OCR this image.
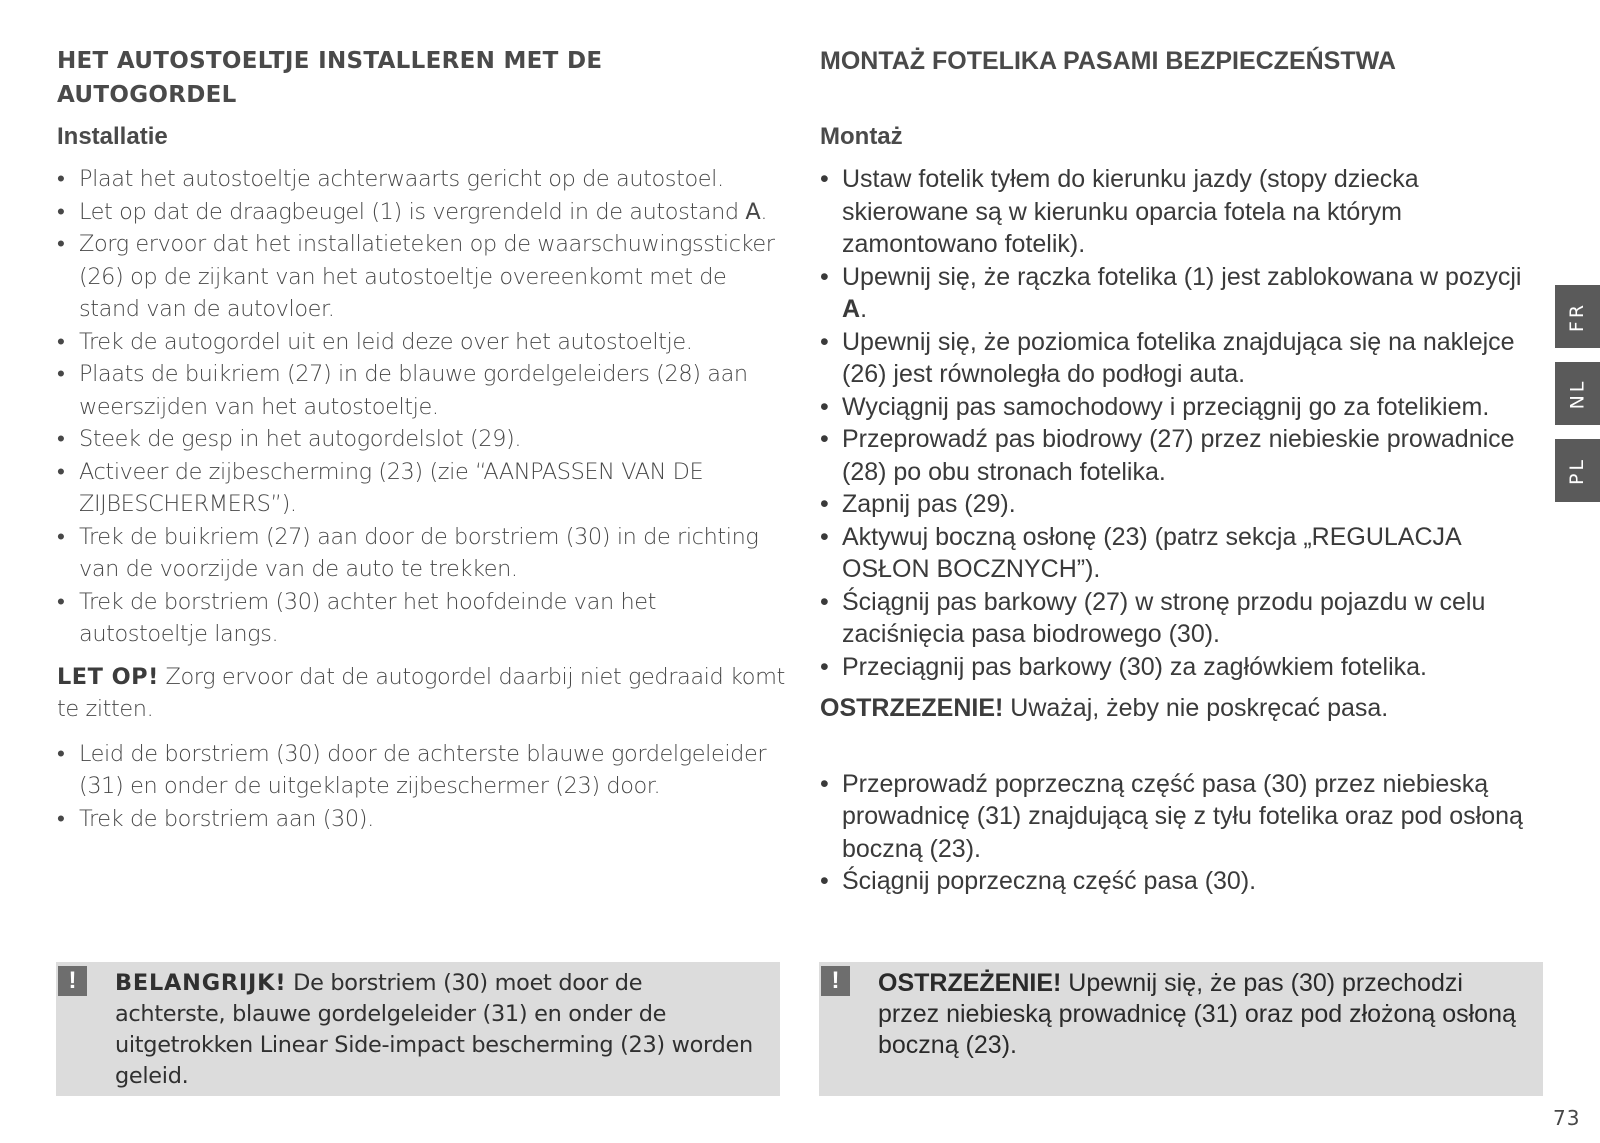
HET AUTOSTOELTJE INSTALLEREN MET DE AUTOGORDEL
Installatie
• Plaat het autostoeltje achterwaarts gericht op de autostoel.
• Let op dat de draagbeugel (1) is vergrendeld in de autostand A.
• Zorg ervoor dat het installatieteken op de waarschuwingssticker (26) op de zijkant van het autostoeltje overeenkomt met de stand van de autovloer.
• Trek de autogordel uit en leid deze over het autostoeltje.
• Plaats de buikriem (27) in de blauwe gordelgeleiders (28) aan weerszijden van het autostoeltje.
• Steek de gesp in het autogordelslot (29).
• Activeer de zijbescherming (23) (zie “AANPASSEN VAN DE ZIJBESCHERMERS”).
• Trek de buikriem (27) aan door de borstriem (30) in de richting van de voorzijde van de auto te trekken.
• Trek de borstriem (30) achter het hoofdeinde van het autostoeltje langs.

LET OP! Zorg ervoor dat de autogordel daarbij niet gedraaid komt te zitten.

• Leid de borstriem (30) door de achterste blauwe gordelgeleider (31) en onder de uitgeklapte zijbeschermer (23) door.
• Trek de borstriem aan (30).
MONTAŻ FOTELIKA PASAMI BEZPIECZEŃSTWA
Montaż
• Ustaw fotelik tyłem do kierunku jazdy (stopy dziecka skierowane są w kierunku oparcia fotela na którym zamontowano fotelik).
• Upewnij się, że rączka fotelika (1) jest zablokowana w pozycji A.
• Upewnij się, że poziomica fotelika znajdująca się na naklejce (26) jest równoległa do podłogi auta.
• Wyciągnij pas samochodowy i przeciągnij go za fotelikiem.
• Przeprowadź pas biodrowy (27) przez niebieskie prowadnice (28) po obu stronach fotelika.
• Zapnij pas (29).
• Aktywuj boczną osłonę (23) (patrz sekcja „REGULACJA OSŁON BOCZNYCH”).
• Ściągnij pas barkowy (27) w stronę przodu pojazdu w celu zaciśnięcia pasa biodrowego (30).
• Przeciągnij pas barkowy (30) za zagłówkiem fotelika.

OSTRZEZENIE! Uważaj, żeby nie poskręcać pasa.

• Przeprowadź poprzeczną część pasa (30) przez niebieską prowadnicę (31) znajdującą się z tyłu fotelika oraz pod osłoną boczną (23).
• Ściągnij poprzeczną część pasa (30).
!	BELANGRIJK! De borstriem (30) moet door de achterste, blauwe gordelgeleider (31) en onder de uitgetrokken Linear Side-impact bescherming (23) worden geleid.
!	OSTRZEŻENIE! Upewnij się, że pas (30) przechodzi przez niebieską prowadnicę (31) oraz pod złożoną osłoną boczną (23).
FR
NL
PL
73
